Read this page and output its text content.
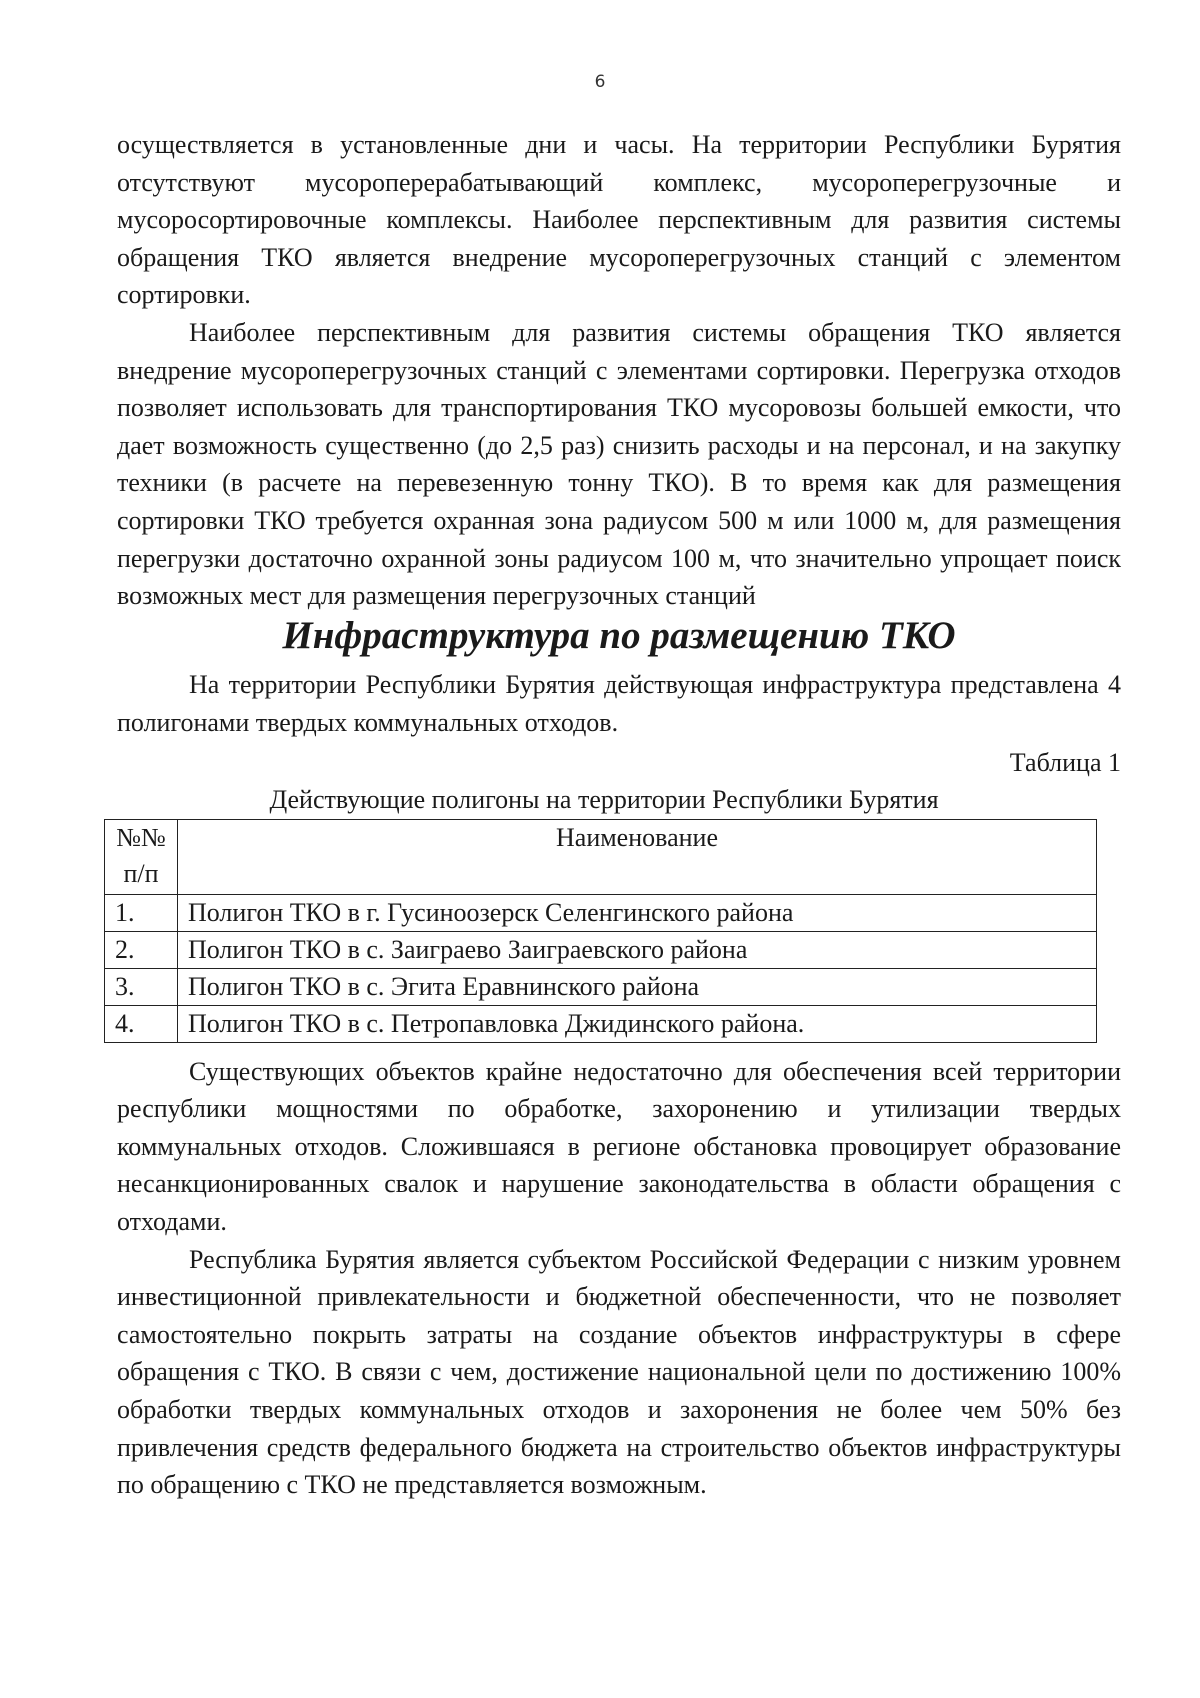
6

осуществляется в установленные дни и часы. На территории Республики Бурятия отсутствуют мусороперерабатывающий комплекс, мусороперегрузочные и мусоросортировочные комплексы. Наиболее перспективным для развития системы обращения ТКО является внедрение мусороперегрузочных станций с элементом сортировки.

Наиболее перспективным для развития системы обращения ТКО является внедрение мусороперегрузочных станций с элементами сортировки. Перегрузка отходов позволяет использовать для транспортирования ТКО мусоровозы большей емкости, что дает возможность существенно (до 2,5 раз) снизить расходы и на персонал, и на закупку техники (в расчете на перевезенную тонну ТКО). В то время как для размещения сортировки ТКО требуется охранная зона радиусом 500 м или 1000 м, для размещения перегрузки достаточно охранной зоны радиусом 100 м, что значительно упрощает поиск возможных мест для размещения перегрузочных станций

Инфраструктура по размещению ТКО

На территории Республики Бурятия действующая инфраструктура представлена 4 полигонами твердых коммунальных отходов.

Таблица 1

Действующие полигоны на территории Республики Бурятия

№№
п/п	Наименование
1.	Полигон ТКО в г. Гусиноозерск Селенгинского района
2.	Полигон ТКО в с. Заиграево Заиграевского района
3.	Полигон ТКО в с. Эгита Еравнинского района
4.	Полигон ТКО в с. Петропавловка Джидинского района.

Существующих объектов крайне недостаточно для обеспечения всей территории республики мощностями по обработке, захоронению и утилизации твердых коммунальных отходов. Сложившаяся в регионе обстановка провоцирует образование несанкционированных свалок и нарушение законодательства в области обращения с отходами.

Республика Бурятия является субъектом Российской Федерации с низким уровнем инвестиционной привлекательности и бюджетной обеспеченности, что не позволяет самостоятельно покрыть затраты на создание объектов инфраструктуры в сфере обращения с ТКО. В связи с чем, достижение национальной цели по достижению 100% обработки твердых коммунальных отходов и захоронения не более чем 50% без привлечения средств федерального бюджета на строительство объектов инфраструктуры по обращению с ТКО не представляется возможным.
